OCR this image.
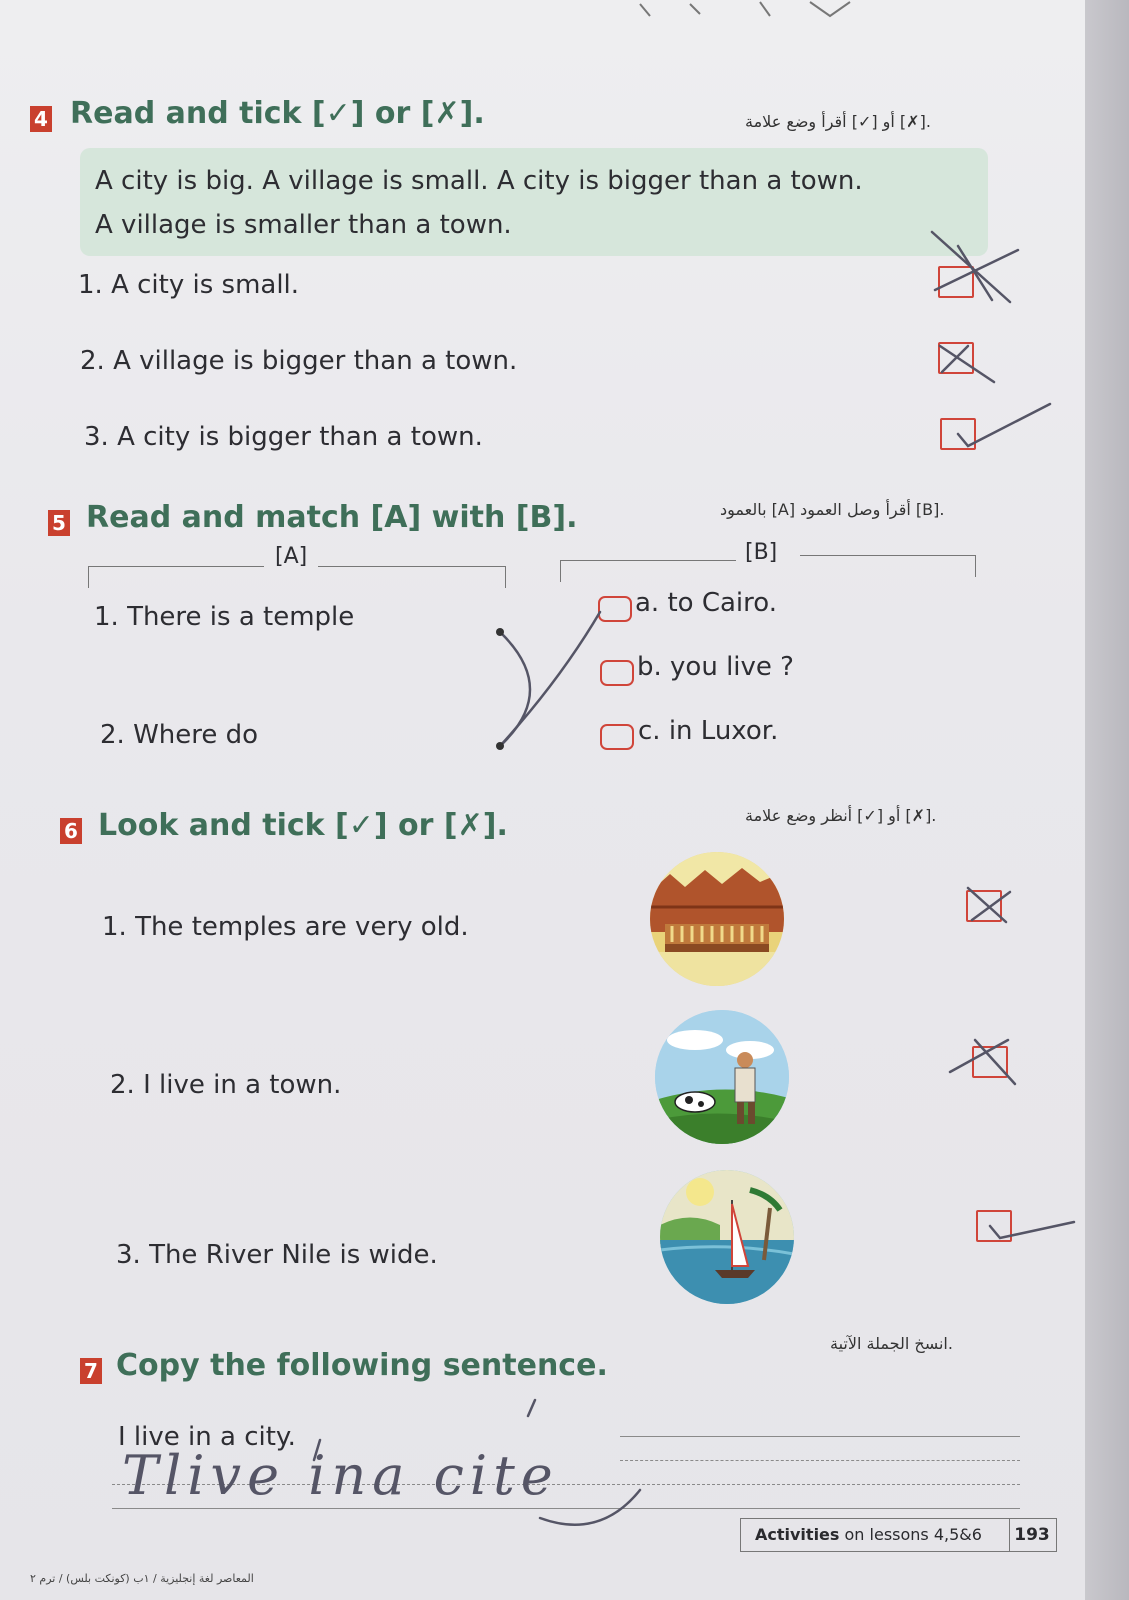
4 Read and tick [✓] or [✗].	.[✗] أو [✓] أقرأ وضع علامة
A city is big. A village is small. A city is bigger than a town.
A village is smaller than a town.
1. A city is small.
2. A village is bigger than a town.
3. A city is bigger than a town.
5 Read and match [A] with [B].	.[B] أقرأ وصل العمود [A] بالعمود
[A]	[B]
1. There is a temple
2. Where do
a. to Cairo.
b. you live ?
c. in Luxor.
6 Look and tick [✓] or [✗].	.[✗] أو [✓] أنظر وضع علامة
1. The temples are very old.
2. I live in a town.
3. The River Nile is wide.
7 Copy the following sentence.
.انسخ الجملة الآتية
I live in a city.
Tlive ina cite
Activities on lessons 4,5&6	193
المعاصر لغة إنجليزية / ١ب (كونكت بلس) / ترم ٢
